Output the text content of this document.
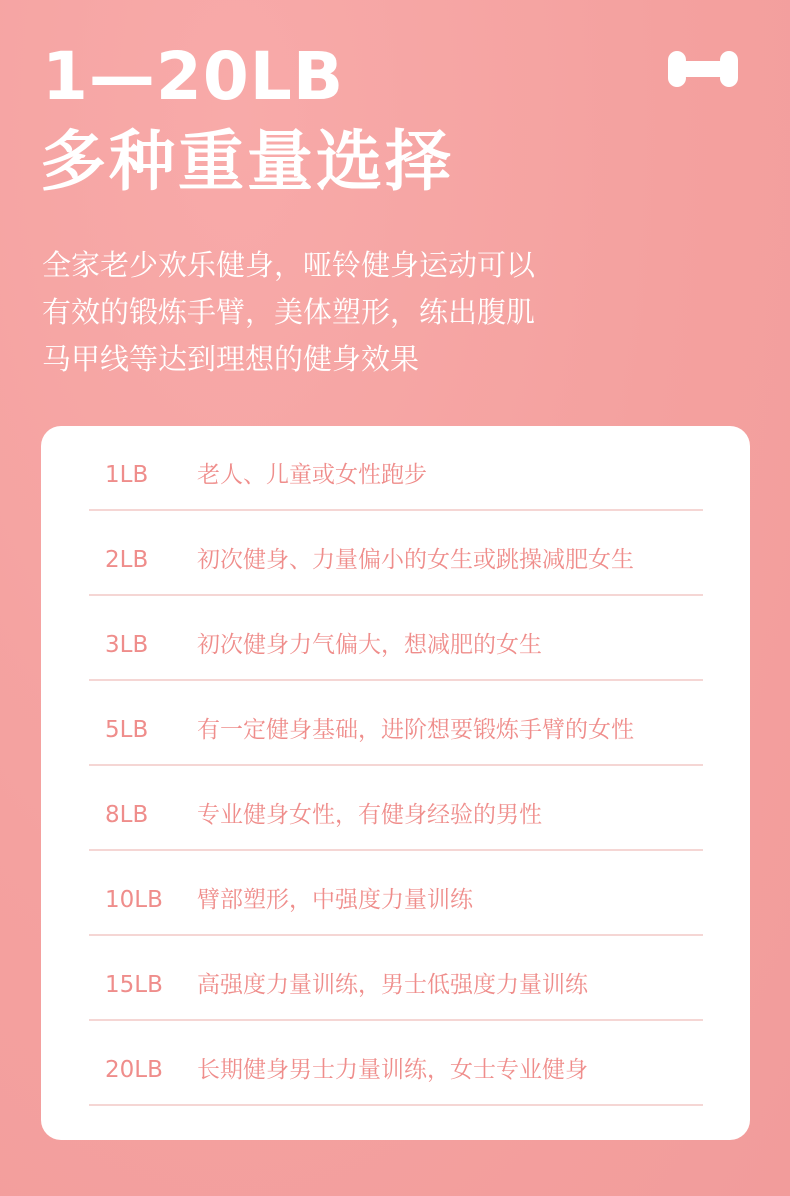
1—20LB
多种重量选择

全家老少欢乐健身，哑铃健身运动可以
有效的锻炼手臂，美体塑形，练出腹肌
马甲线等达到理想的健身效果

1LB 老人、儿童或女性跑步
2LB 初次健身、力量偏小的女生或跳操减肥女生
3LB 初次健身力气偏大，想减肥的女生
5LB 有一定健身基础，进阶想要锻炼手臂的女性
8LB 专业健身女性，有健身经验的男性
10LB 臂部塑形，中强度力量训练
15LB 高强度力量训练，男士低强度力量训练
20LB 长期健身男士力量训练，女士专业健身
